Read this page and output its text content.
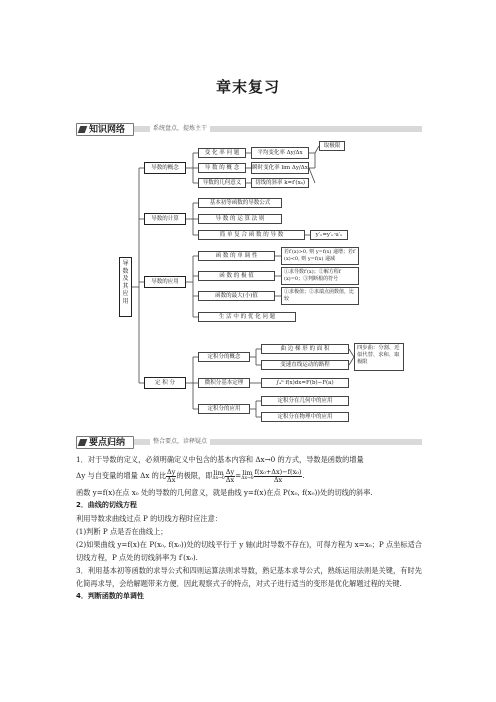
章末复习
知识网络	系统盘点，提炼主干
导数及其应用
导数的概念
导数的计算
导数的应用
定 积 分
变 化 率 问 题
导 数 的 概 念
导数的几何意义
平均变化率 Δy/Δx
瞬时变化率 lim Δy/Δx
切线的斜率 k=f′(x₀)
取极限
基本初等函数的导数公式
导 数 的 运 算 法 则
简 单 复 合 函 数 的 导 数	y′ₓ=y′ᵤ·u′ₓ
函 数 的 单 调 性
函 数 的 极 值
函数的最大(小)值
生 活 中 的 优 化 问 题
若f′(x)>0, 则 y=f(x) 递增；若f′(x)<0, 则 y=f(x) 递减
①求导数f′(x)；②解方程f′(x)=0；③判断根的符号
①求极值；②求端点函数值，比较
定积分的概念
微积分基本定理
定积分的应用
曲 边 梯 形 的 面 积
变速直线运动的路程
∫ₐᵇ f(x)dx=F(b)−F(a)
定积分在几何中的应用
定积分在物理中的应用
四步曲：分割、近似代替、求和、取极限
要点归纳	整合要点，诊释疑点

1．对于导数的定义，必须明确定义中包含的基本内容和 Δx→0 的方式，导数是函数的增量

Δy 与自变量的增量 Δx 的比 $\frac{\Delta y}{\Delta x}$ 的极限，即 lim
$\Delta x\to 0 \frac{\Delta y}{\Delta x} = \lim$
$\Delta x\to 0 \frac{\text{f(x₀+Δx)−f(x₀)}}{\Delta x}$ .

函数 y=f(x)在点 x₀ 处的导数的几何意义，就是曲线 y=f(x)在点 P(x₀, f(x₀))处的切线的斜率.

2．曲线的切线方程

利用导数求曲线过点 P 的切线方程时应注意：

(1)判断 P 点是否在曲线上；

(2)如果曲线 y=f(x)在 P(x₀, f(x₀))处的切线平行于 y 轴(此时导数不存在)，可得方程为 x=x₀；P 点坐标适合切线方程，P 点处的切线斜率为 f′(x₀).

3．利用基本初等函数的求导公式和四则运算法则求导数，熟记基本求导公式，熟练运用法则是关键，有时先化简再求导，会给解题带来方便．因此观察式子的特点，对式子进行适当的变形是优化解题过程的关键.

4．判断函数的单调性
